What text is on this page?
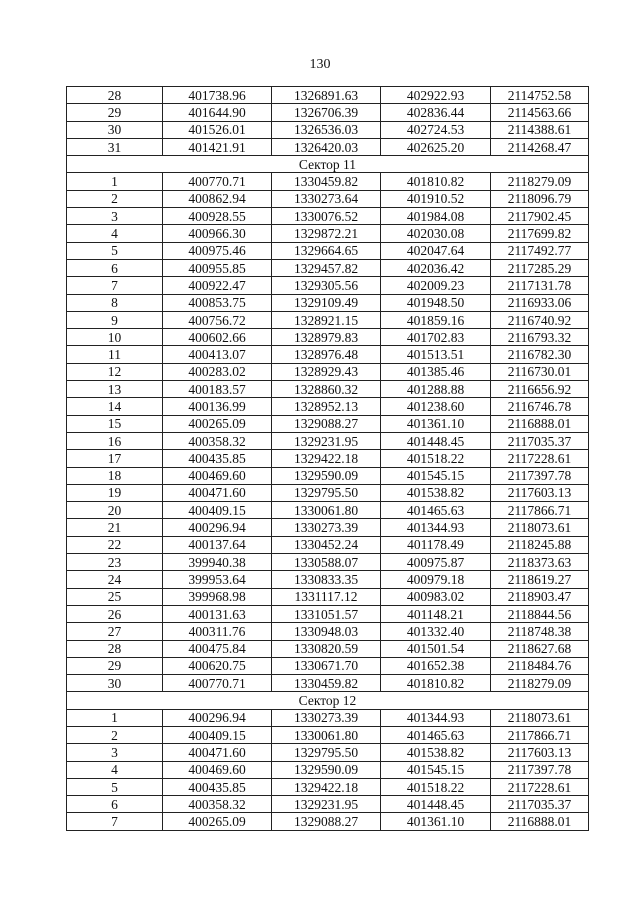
130
28	401738.96	1326891.63	402922.93	2114752.58
29	401644.90	1326706.39	402836.44	2114563.66
30	401526.01	1326536.03	402724.53	2114388.61
31	401421.91	1326420.03	402625.20	2114268.47
Сектор 11				
1	400770.71	1330459.82	401810.82	2118279.09
2	400862.94	1330273.64	401910.52	2118096.79
3	400928.55	1330076.52	401984.08	2117902.45
4	400966.30	1329872.21	402030.08	2117699.82
5	400975.46	1329664.65	402047.64	2117492.77
6	400955.85	1329457.82	402036.42	2117285.29
7	400922.47	1329305.56	402009.23	2117131.78
8	400853.75	1329109.49	401948.50	2116933.06
9	400756.72	1328921.15	401859.16	2116740.92
10	400602.66	1328979.83	401702.83	2116793.32
11	400413.07	1328976.48	401513.51	2116782.30
12	400283.02	1328929.43	401385.46	2116730.01
13	400183.57	1328860.32	401288.88	2116656.92
14	400136.99	1328952.13	401238.60	2116746.78
15	400265.09	1329088.27	401361.10	2116888.01
16	400358.32	1329231.95	401448.45	2117035.37
17	400435.85	1329422.18	401518.22	2117228.61
18	400469.60	1329590.09	401545.15	2117397.78
19	400471.60	1329795.50	401538.82	2117603.13
20	400409.15	1330061.80	401465.63	2117866.71
21	400296.94	1330273.39	401344.93	2118073.61
22	400137.64	1330452.24	401178.49	2118245.88
23	399940.38	1330588.07	400975.87	2118373.63
24	399953.64	1330833.35	400979.18	2118619.27
25	399968.98	1331117.12	400983.02	2118903.47
26	400131.63	1331051.57	401148.21	2118844.56
27	400311.76	1330948.03	401332.40	2118748.38
28	400475.84	1330820.59	401501.54	2118627.68
29	400620.75	1330671.70	401652.38	2118484.76
30	400770.71	1330459.82	401810.82	2118279.09
Сектор 12				
1	400296.94	1330273.39	401344.93	2118073.61
2	400409.15	1330061.80	401465.63	2117866.71
3	400471.60	1329795.50	401538.82	2117603.13
4	400469.60	1329590.09	401545.15	2117397.78
5	400435.85	1329422.18	401518.22	2117228.61
6	400358.32	1329231.95	401448.45	2117035.37
7	400265.09	1329088.27	401361.10	2116888.01
